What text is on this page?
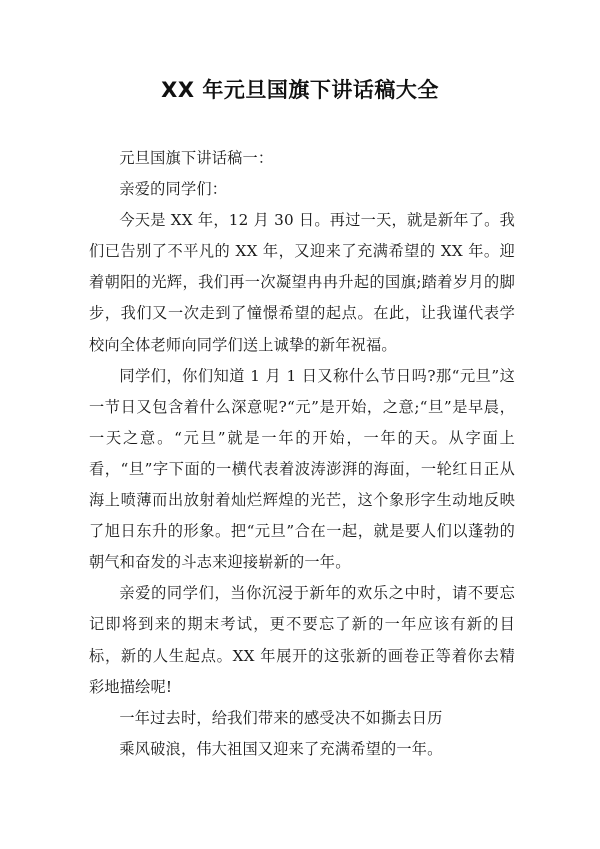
XX 年元旦国旗下讲话稿大全

元旦国旗下讲话稿一：

亲爱的同学们：

今天是 XX 年，12 月 30 日。再过一天，就是新年了。我们已告别了不平凡的 XX 年，又迎来了充满希望的 XX 年。迎着朝阳的光辉，我们再一次凝望冉冉升起的国旗;踏着岁月的脚步，我们又一次走到了憧憬希望的起点。在此，让我谨代表学校向全体老师向同学们送上诚挚的新年祝福。

同学们，你们知道 1 月 1 日又称什么节日吗?那“元旦”这一节日又包含着什么深意呢?“元”是开始，之意;“旦”是早晨，一天之意。“元旦”就是一年的开始，一年的天。从字面上看，“旦”字下面的一横代表着波涛澎湃的海面，一轮红日正从海上喷薄而出放射着灿烂辉煌的光芒，这个象形字生动地反映了旭日东升的形象。把“元旦”合在一起，就是要人们以蓬勃的朝气和奋发的斗志来迎接崭新的一年。

亲爱的同学们，当你沉浸于新年的欢乐之中时，请不要忘记即将到来的期末考试，更不要忘了新的一年应该有新的目标，新的人生起点。XX 年展开的这张新的画卷正等着你去精彩地描绘呢!

一年过去时，给我们带来的感受决不如撕去日历

乘风破浪，伟大祖国又迎来了充满希望的一年。
